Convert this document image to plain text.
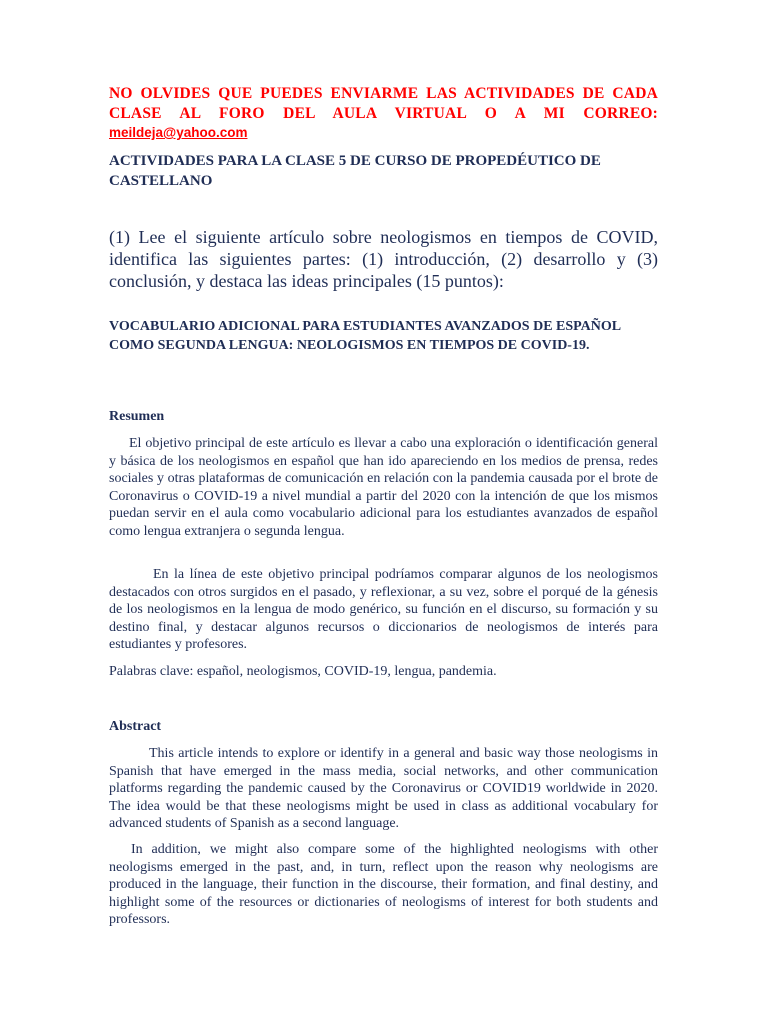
NO OLVIDES QUE PUEDES ENVIARME LAS ACTIVIDADES DE CADA CLASE AL FORO DEL AULA VIRTUAL O A MI CORREO:
meildeja@yahoo.com
ACTIVIDADES PARA LA CLASE 5 DE CURSO DE PROPEDÉUTICO DE CASTELLANO
(1) Lee el siguiente artículo sobre neologismos en tiempos de COVID, identifica las siguientes partes: (1) introducción, (2) desarrollo y (3) conclusión, y destaca las ideas principales (15 puntos):
VOCABULARIO ADICIONAL PARA ESTUDIANTES AVANZADOS DE ESPAÑOL COMO SEGUNDA LENGUA: NEOLOGISMOS EN TIEMPOS DE COVID-19.
Resumen
El objetivo principal de este artículo es llevar a cabo una exploración o identificación general y básica de los neologismos en español que han ido apareciendo en los medios de prensa, redes sociales y otras plataformas de comunicación en relación con la pandemia causada por el brote de Coronavirus o COVID-19 a nivel mundial a partir del 2020 con la intención de que los mismos puedan servir en el aula como vocabulario adicional para los estudiantes avanzados de español como lengua extranjera o segunda lengua.
En la línea de este objetivo principal podríamos comparar algunos de los neologismos destacados con otros surgidos en el pasado, y reflexionar, a su vez, sobre el porqué de la génesis de los neologismos en la lengua de modo genérico, su función en el discurso, su formación y su destino final, y destacar algunos recursos o diccionarios de neologismos de interés para estudiantes y profesores.
Palabras clave: español, neologismos, COVID-19, lengua, pandemia.
Abstract
This article intends to explore or identify in a general and basic way those neologisms in Spanish that have emerged in the mass media, social networks, and other communication platforms regarding the pandemic caused by the Coronavirus or COVID19 worldwide in 2020. The idea would be that these neologisms might be used in class as additional vocabulary for advanced students of Spanish as a second language.
In addition, we might also compare some of the highlighted neologisms with other neologisms emerged in the past, and, in turn, reflect upon the reason why neologisms are produced in the language, their function in the discourse, their formation, and final destiny, and highlight some of the resources or dictionaries of neologisms of interest for both students and professors.
